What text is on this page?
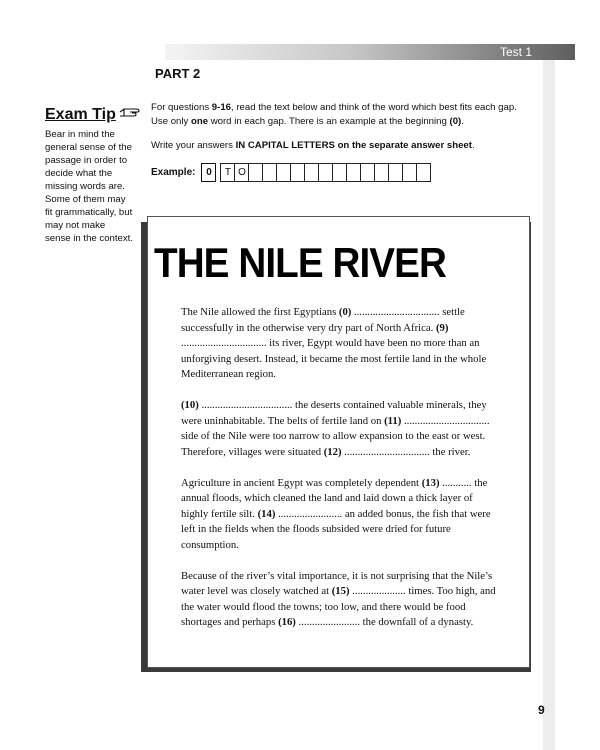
Test 1
PART 2
Exam Tip
Bear in mind the general sense of the passage in order to decide what the missing words are. Some of them may fit grammatically, but may not make sense in the context.

For questions 9-16, read the text below and think of the word which best fits each gap. Use only one word in each gap. There is an example at the beginning (0).

Write your answers IN CAPITAL LETTERS on the separate answer sheet.

Example:	0	T O
THE NILE RIVER

The Nile allowed the first Egyptians (0) ................................ settle successfully in the otherwise very dry part of North Africa. (9) ................................ its river, Egypt would have been no more than an unforgiving desert. Instead, it became the most fertile land in the whole Mediterranean region.

(10) .................................. the deserts contained valuable minerals, they were uninhabitable. The belts of fertile land on (11) ................................ side of the Nile were too narrow to allow expansion to the east or west. Therefore, villages were situated (12) ................................ the river.

Agriculture in ancient Egypt was completely dependent (13) ........... the annual floods, which cleaned the land and laid down a thick layer of highly fertile silt. (14) ........................ an added bonus, the fish that were left in the fields when the floods subsided were dried for future consumption.

Because of the river’s vital importance, it is not surprising that the Nile’s water level was closely watched at (15) .................... times. Too high, and the water would flood the towns; too low, and there would be food shortages and perhaps (16) ....................... the downfall of a dynasty.

9
